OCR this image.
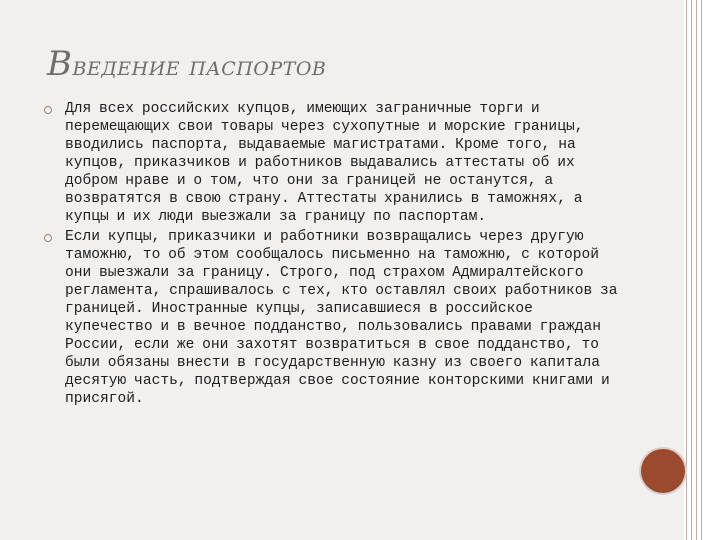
Введение паспортов
Для всех российских купцов, имеющих заграничные торги и перемещающих свои товары через сухопутные и морские границы, вводились паспорта, выдаваемые магистратами. Кроме того, на купцов, приказчиков и работников выдавались аттестаты об их добром нраве и о том, что они за границей не останутся, а возвратятся в свою страну. Аттестаты хранились в таможнях, а купцы и их люди выезжали за границу по паспортам.
Если купцы, приказчики и работники возвращались через другую таможню, то об этом сообщалось письменно на таможню, с которой они выезжали за границу. Строго, под страхом Адмиралтейского регламента, спрашивалось с тех, кто оставлял своих работников за границей. Иностранные купцы, записавшиеся в российское купечество и в вечное подданство, пользовались правами граждан России, если же они захотят возвратиться в свое подданство, то были обязаны внести в государственную казну из своего капитала десятую часть, подтверждая свое состояние конторскими книгами и присягой.
